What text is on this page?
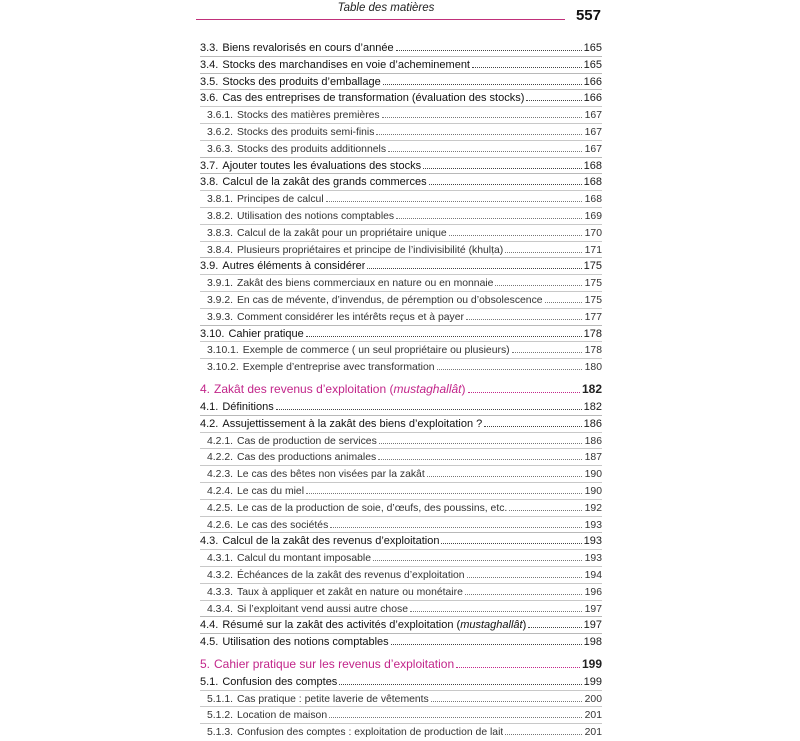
Table des matières	557
3.3. Biens revalorisés en cours d’année	165
3.4. Stocks des marchandises en voie d’acheminement	165
3.5. Stocks des produits d’emballage	166
3.6. Cas des entreprises de transformation (évaluation des stocks)	166
3.6.1. Stocks des matières premières	167
3.6.2. Stocks des produits semi-finis	167
3.6.3. Stocks des produits additionnels	167
3.7. Ajouter toutes les évaluations des stocks	168
3.8. Calcul de la zakât des grands commerces	168
3.8.1. Principes de calcul	168
3.8.2. Utilisation des notions comptables	169
3.8.3. Calcul de la zakât pour un propriétaire unique	170
3.8.4. Plusieurs propriétaires et principe de l’indivisibilité (khulṭa)	171
3.9. Autres éléments à considérer	175
3.9.1. Zakât des biens commerciaux en nature ou en monnaie	175
3.9.2. En cas de mévente, d’invendus, de péremption ou d’obsolescence	175
3.9.3. Comment considérer les intérêts reçus et à payer	177
3.10. Cahier pratique	178
3.10.1. Exemple de commerce ( un seul propriétaire ou plusieurs)	178
3.10.2. Exemple d’entreprise avec transformation	180
4. Zakât des revenus d’exploitation (mustaghallât)	182
4.1. Définitions	182
4.2. Assujettissement à la zakât des biens d’exploitation ?	186
4.2.1. Cas de production de services	186
4.2.2. Cas des productions animales	187
4.2.3. Le cas des bêtes non visées par la zakât	190
4.2.4. Le cas du miel	190
4.2.5. Le cas de la production de soie, d’œufs, des poussins, etc.	192
4.2.6. Le cas des sociétés	193
4.3. Calcul de la zakât des revenus d’exploitation	193
4.3.1. Calcul du montant imposable	193
4.3.2. Échéances de la zakât des revenus d’exploitation	194
4.3.3. Taux à appliquer et zakât en nature ou monétaire	196
4.3.4. Si l’exploitant vend aussi autre chose	197
4.4. Résumé sur la zakât des activités d’exploitation (mustaghallât)	197
4.5. Utilisation des notions comptables	198
5. Cahier pratique sur les revenus d’exploitation	199
5.1. Confusion des comptes	199
5.1.1. Cas pratique : petite laverie de vêtements	200
5.1.2. Location de maison	201
5.1.3. Confusion des comptes : exploitation de production de lait	201
